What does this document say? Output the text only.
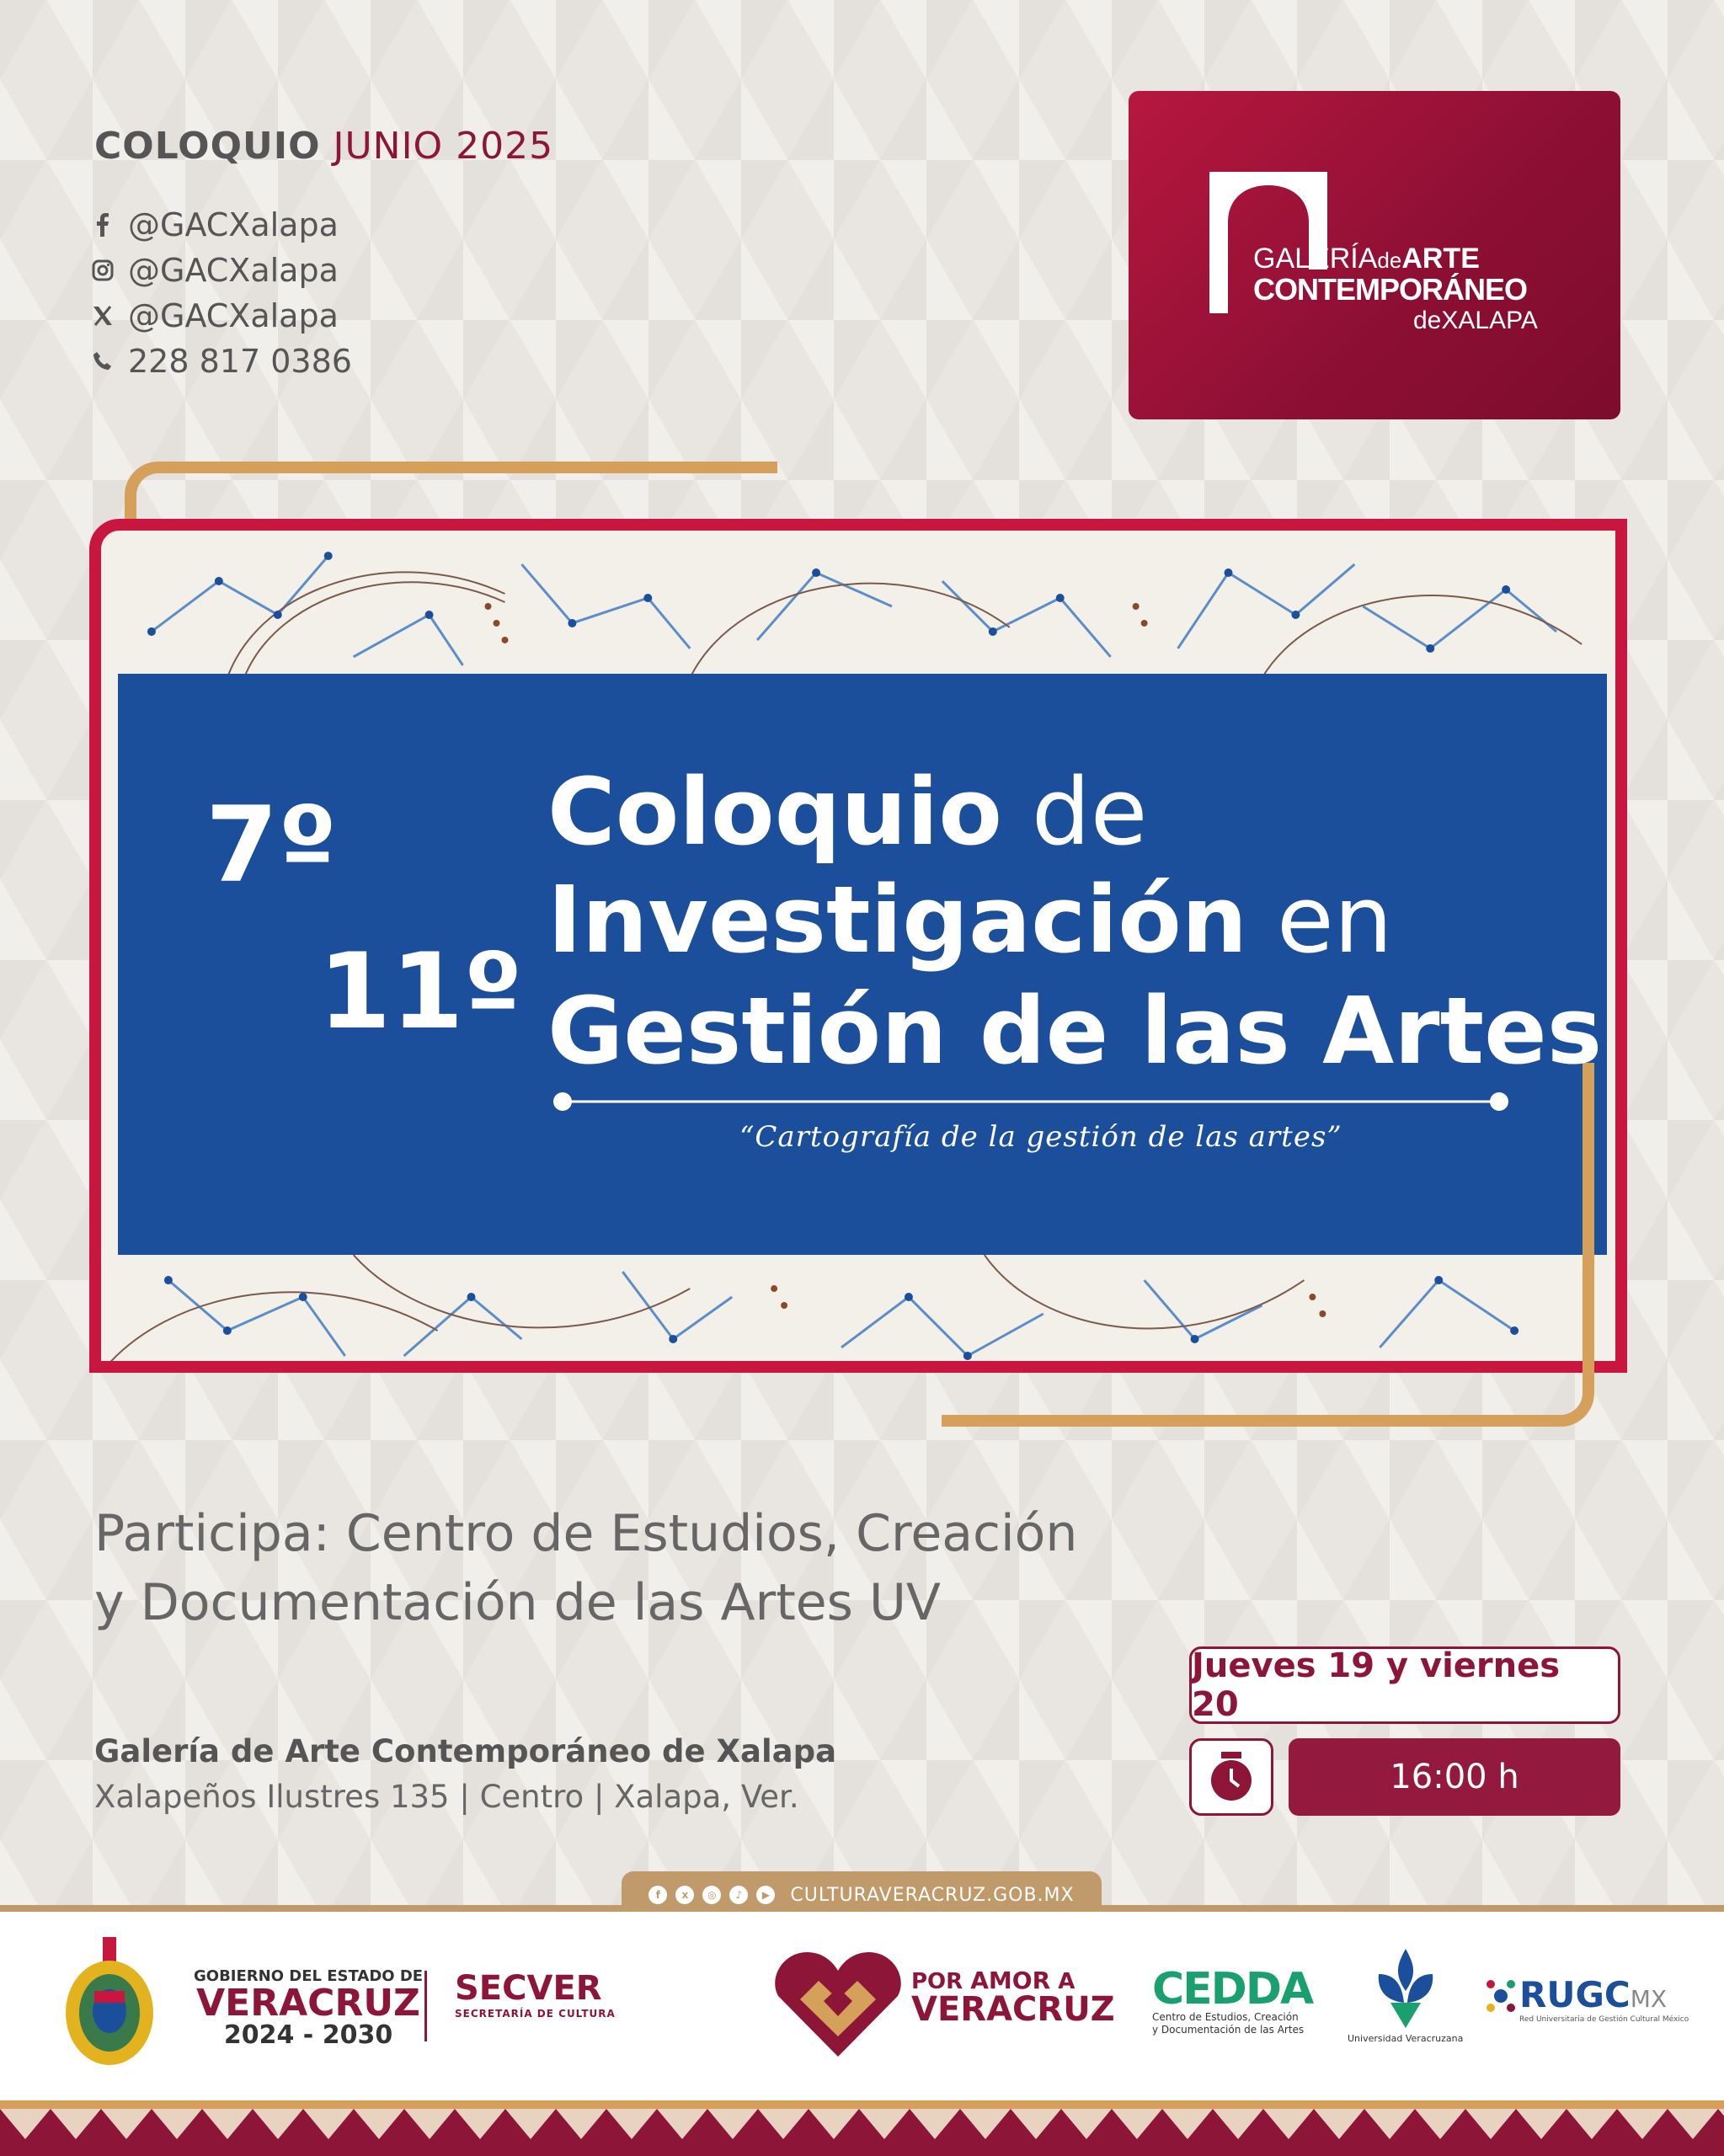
COLOQUIO JUNIO 2025
@GACXalapa
@GACXalapa
@GACXalapa
228 817 0386
GALERÍAdeARTE
CONTEMPORÁNEO
deXALAPA
7º
11º
Coloquio de
Investigación en
Gestión de las Artes
“Cartografía de la gestión de las artes”
Participa: Centro de Estudios, Creación
y Documentación de las Artes UV
Galería de Arte Contemporáneo de Xalapa
Xalapeños Ilustres 135 | Centro | Xalapa, Ver.
Jueves 19 y viernes 20
16:00 h
f	x	◎	♪	▶ CULTURAVERACRUZ.GOB.MX
GOBIERNO DEL ESTADO DE
VERACRUZ
2024 - 2030
SECVER
SECRETARÍA DE CULTURA
POR AMOR A
VERACRUZ CEDDA
Centro de Estudios, Creación
y Documentación de las Artes
Universidad Veracruzana
RUGCMX
Red Universitaria de Gestión Cultural México
